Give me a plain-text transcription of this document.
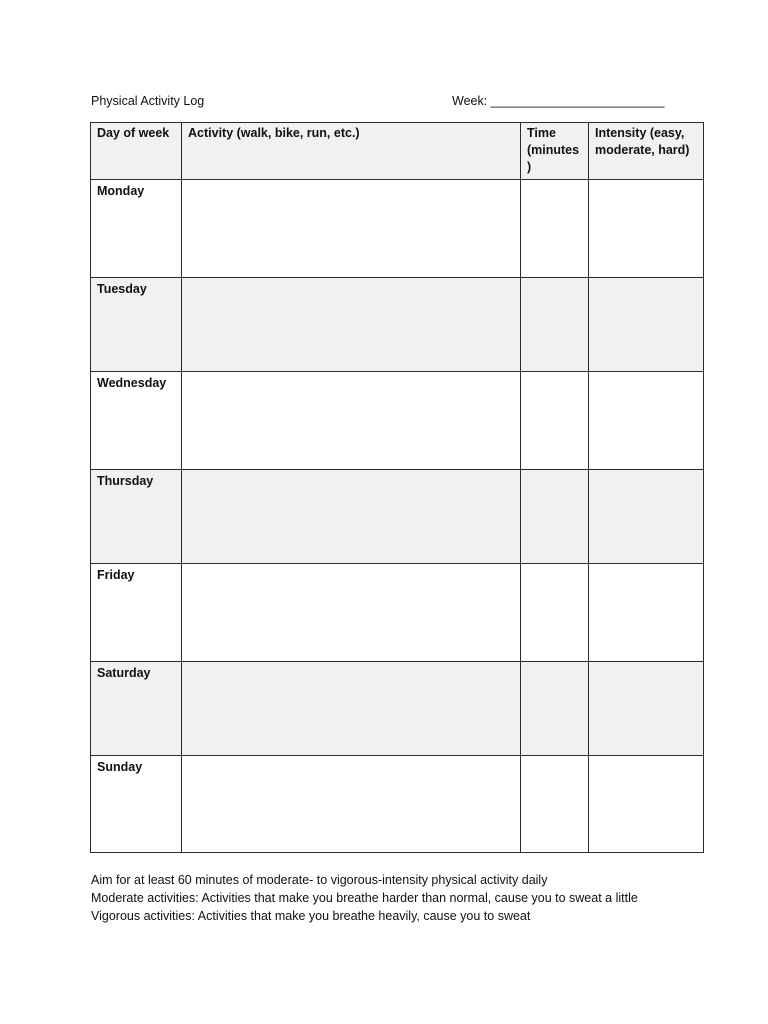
Physical Activity Log	Week: _________________________
Day of week	Activity (walk, bike, run, etc.)	Time (minutes )	Intensity (easy, moderate, hard)
Monday			
Tuesday			
Wednesday			
Thursday			
Friday			
Saturday			
Sunday			
Aim for at least 60 minutes of moderate- to vigorous-intensity physical activity daily
Moderate activities: Activities that make you breathe harder than normal, cause you to sweat a little
Vigorous activities: Activities that make you breathe heavily, cause you to sweat
